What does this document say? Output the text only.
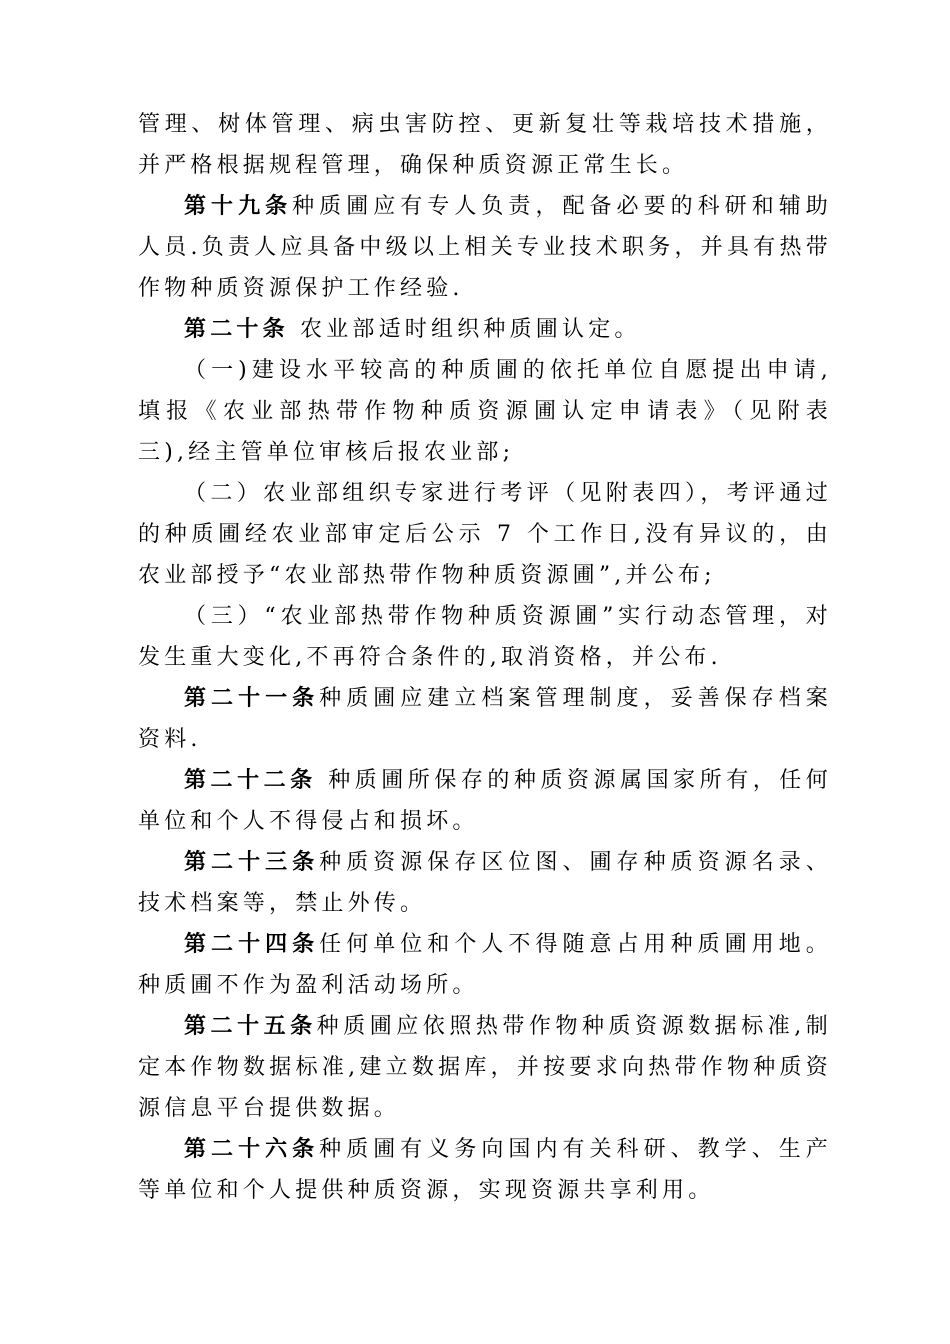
管理、树体管理、病虫害防控、更新复壮等栽培技术措施，并严格根据规程管理，确保种质资源正常生长。

第十九条种质圃应有专人负责，配备必要的科研和辅助人员.负责人应具备中级以上相关专业技术职务，并具有热带作物种质资源保护工作经验.

第二十条 农业部适时组织种质圃认定。

（一)建设水平较高的种质圃的依托单位自愿提出申请,填报《农业部热带作物种质资源圃认定申请表》（见附表三),经主管单位审核后报农业部;

（二）农业部组织专家进行考评（见附表四），考评通过的种质圃经农业部审定后公示 7 个工作日,没有异议的，由农业部授予“农业部热带作物种质资源圃”,并公布;

（三）“农业部热带作物种质资源圃”实行动态管理，对发生重大变化,不再符合条件的,取消资格，并公布.

第二十一条种质圃应建立档案管理制度，妥善保存档案资料.

第二十二条 种质圃所保存的种质资源属国家所有，任何单位和个人不得侵占和损坏。

第二十三条种质资源保存区位图、圃存种质资源名录、技术档案等，禁止外传。

第二十四条任何单位和个人不得随意占用种质圃用地。种质圃不作为盈利活动场所。

第二十五条种质圃应依照热带作物种质资源数据标准,制定本作物数据标准,建立数据库，并按要求向热带作物种质资源信息平台提供数据。

第二十六条种质圃有义务向国内有关科研、教学、生产等单位和个人提供种质资源，实现资源共享利用。
